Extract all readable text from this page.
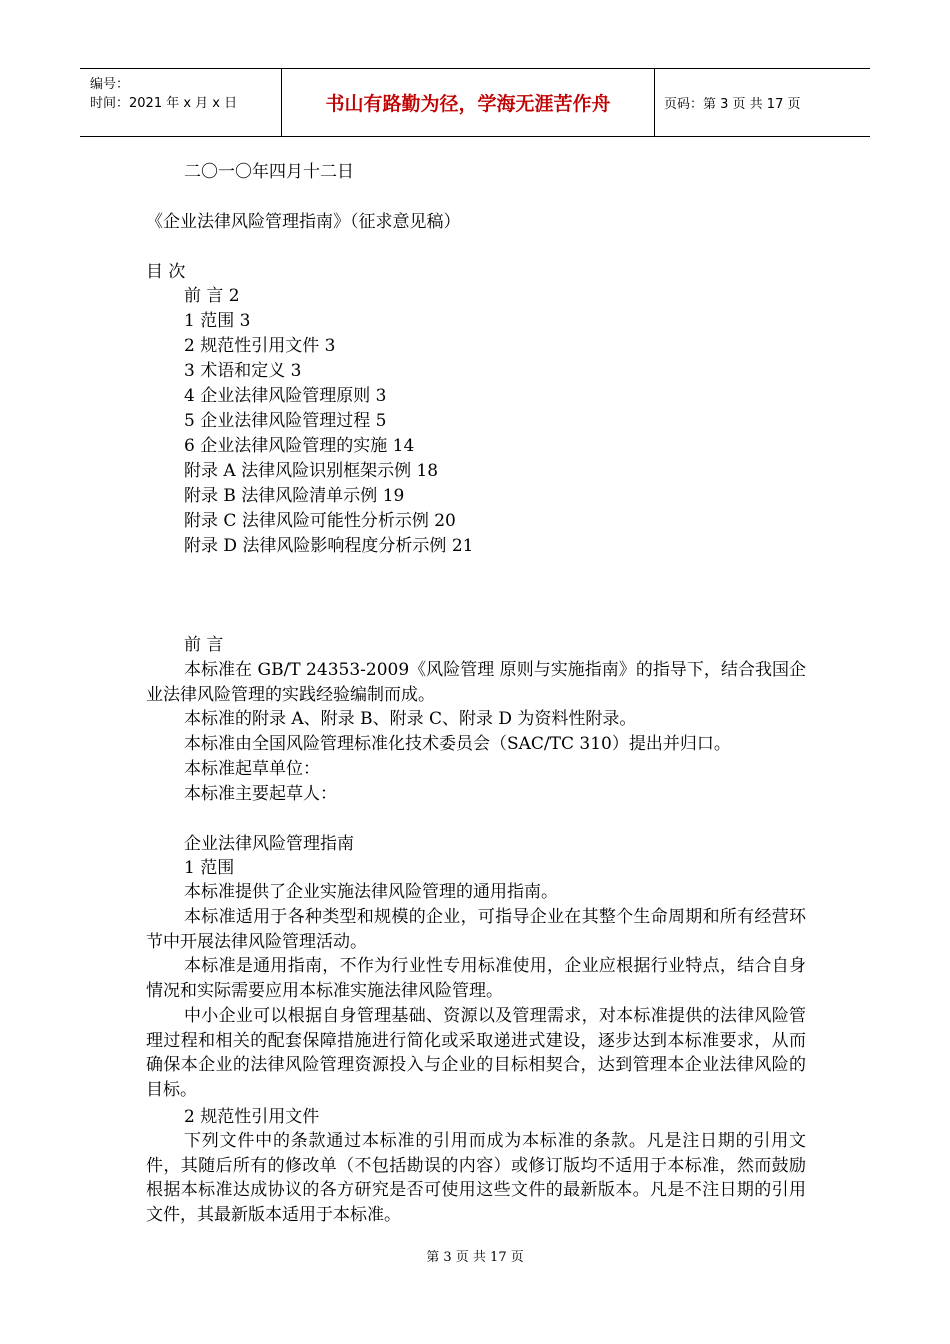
编号：
时间：2021 年 x 月 x 日	书山有路勤为径，学海无涯苦作舟	页码：第 3 页 共 17 页
二〇一〇年四月十二日
《企业法律风险管理指南》（征求意见稿）
目 次
前 言 2
1 范围 3
2 规范性引用文件 3
3 术语和定义 3
4 企业法律风险管理原则 3
5 企业法律风险管理过程 5
6 企业法律风险管理的实施 14
附录 A 法律风险识别框架示例 18
附录 B 法律风险清单示例 19
附录 C 法律风险可能性分析示例 20
附录 D 法律风险影响程度分析示例 21
前 言
本标准在 GB/T 24353-2009《风险管理 原则与实施指南》的指导下，结合我国企业法律风险管理的实践经验编制而成。
本标准的附录 A、附录 B、附录 C、附录 D 为资料性附录。
本标准由全国风险管理标准化技术委员会（SAC/TC 310）提出并归口。
本标准起草单位：
本标准主要起草人：
企业法律风险管理指南
1 范围
本标准提供了企业实施法律风险管理的通用指南。
本标准适用于各种类型和规模的企业，可指导企业在其整个生命周期和所有经营环节中开展法律风险管理活动。
本标准是通用指南，不作为行业性专用标准使用，企业应根据行业特点，结合自身情况和实际需要应用本标准实施法律风险管理。
中小企业可以根据自身管理基础、资源以及管理需求，对本标准提供的法律风险管理过程和相关的配套保障措施进行简化或采取递进式建设，逐步达到本标准要求，从而确保本企业的法律风险管理资源投入与企业的目标相契合，达到管理本企业法律风险的目标。
2 规范性引用文件
下列文件中的条款通过本标准的引用而成为本标准的条款。凡是注日期的引用文件，其随后所有的修改单（不包括勘误的内容）或修订版均不适用于本标准，然而鼓励根据本标准达成协议的各方研究是否可使用这些文件的最新版本。凡是不注日期的引用文件，其最新版本适用于本标准。
第 3 页 共 17 页
